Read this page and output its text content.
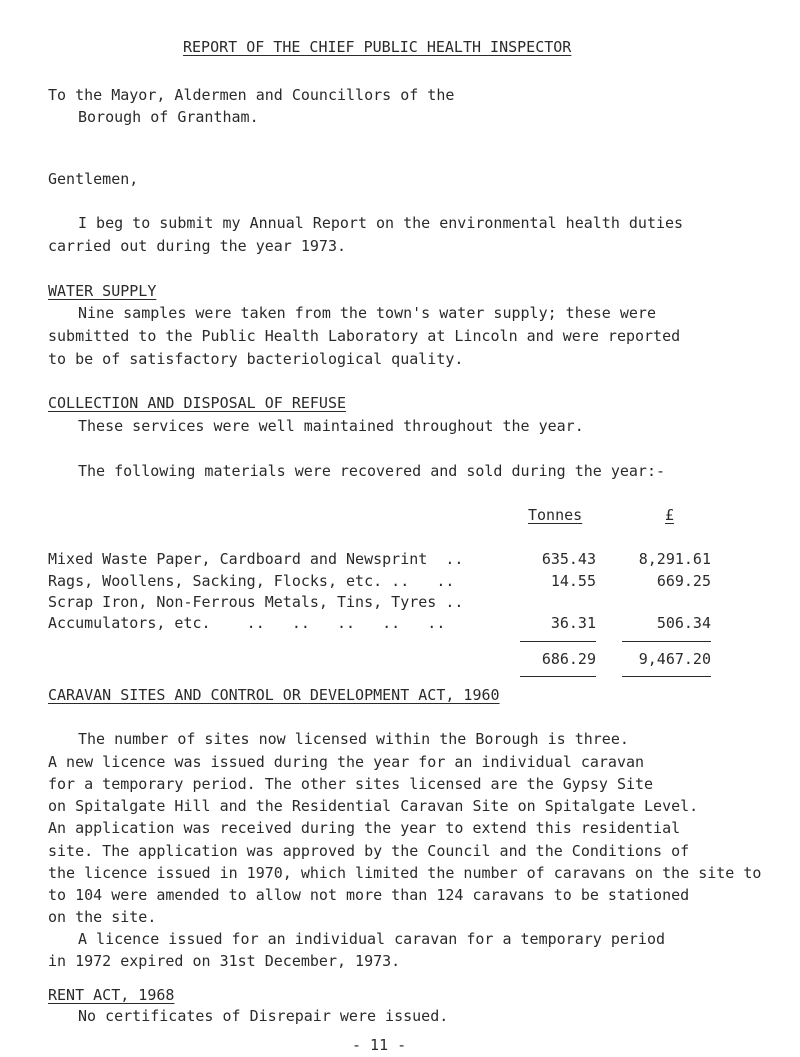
REPORT OF THE CHIEF PUBLIC HEALTH INSPECTOR
To the Mayor, Aldermen and Councillors of the
Borough of Grantham.
Gentlemen,
I beg to submit my Annual Report on the environmental health duties
carried out during the year 1973.
WATER SUPPLY
Nine samples were taken from the town's water supply; these were
submitted to the Public Health Laboratory at Lincoln and were reported
to be of satisfactory bacteriological quality.
COLLECTION AND DISPOSAL OF REFUSE
These services were well maintained throughout the year.
The following materials were recovered and sold during the year:-
Tonnes	£
Mixed Waste Paper, Cardboard and Newsprint  ..	635.43	8,291.61
Rags, Woollens, Sacking, Flocks, etc. ..   ..	14.55	669.25
Scrap Iron, Non-Ferrous Metals, Tins, Tyres ..
Accumulators, etc.    ..   ..   ..   ..   ..	36.31	506.34
686.29	9,467.20
CARAVAN SITES AND CONTROL OR DEVELOPMENT ACT, 1960
The number of sites now licensed within the Borough is three.
A new licence was issued during the year for an individual caravan
for a temporary period. The other sites licensed are the Gypsy Site
on Spitalgate Hill and the Residential Caravan Site on Spitalgate Level.
An application was received during the year to extend this residential
site. The application was approved by the Council and the Conditions of
the licence issued in 1970, which limited the number of caravans on the site to
to 104 were amended to allow not more than 124 caravans to be stationed
on the site.
A licence issued for an individual caravan for a temporary period
in 1972 expired on 31st December, 1973.
RENT ACT, 1968
No certificates of Disrepair were issued.
- 11 -
